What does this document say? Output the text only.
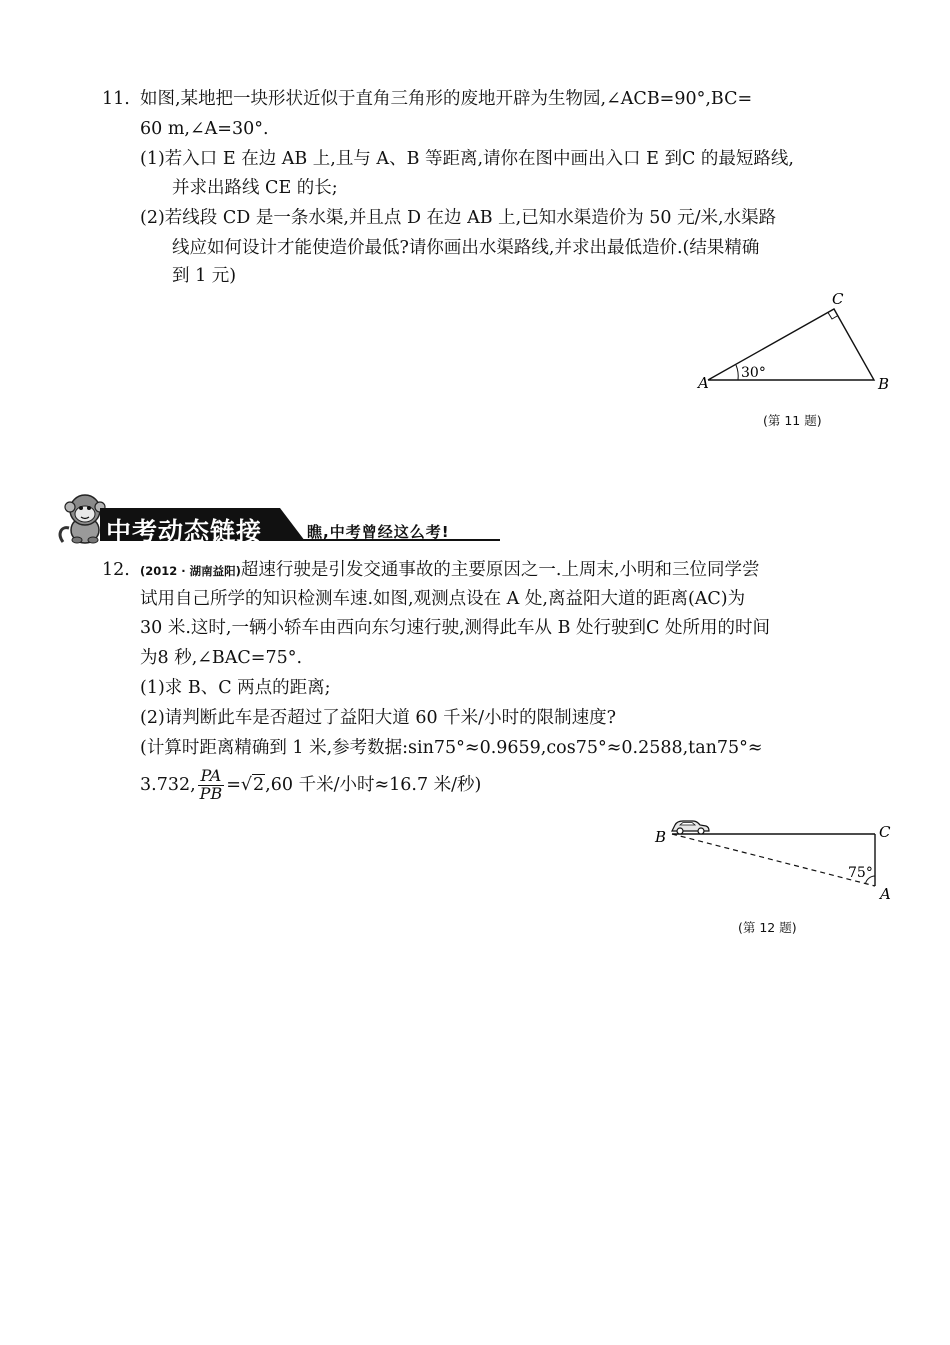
11. 如图,某地把一块形状近似于直角三角形的废地开辟为生物园,∠ACB=90°,BC=
60 m,∠A=30°.
(1)若入口 E 在边 AB 上,且与 A、B 等距离,请你在图中画出入口 E 到C 的最短路线,
并求出路线 CE 的长;
(2)若线段 CD 是一条水渠,并且点 D 在边 AB 上,已知水渠造价为 50 元/米,水渠路
线应如何设计才能使造价最低?请你画出水渠路线,并求出最低造价.(结果精确
到 1 元)
A	B
C
30°
(第 11 题)
中考动态链接	瞧,中考曾经这么考!
12. (2012 · 湖南益阳)超速行驶是引发交通事故的主要原因之一.上周末,小明和三位同学尝
试用自己所学的知识检测车速.如图,观测点设在 A 处,离益阳大道的距离(AC)为
30 米.这时,一辆小轿车由西向东匀速行驶,测得此车从 B 处行驶到C 处所用的时间
为8 秒,∠BAC=75°.
(1)求 B、C 两点的距离;
(2)请判断此车是否超过了益阳大道 60 千米/小时的限制速度?
(计算时距离精确到 1 米,参考数据:sin75°≈0.9659,cos75°≈0.2588,tan75°≈
3.732, $\frac{PA}{PB} =√2,60$ 千米/小时≈16.7 米/秒)
B	C
A
75°
(第 12 题)
